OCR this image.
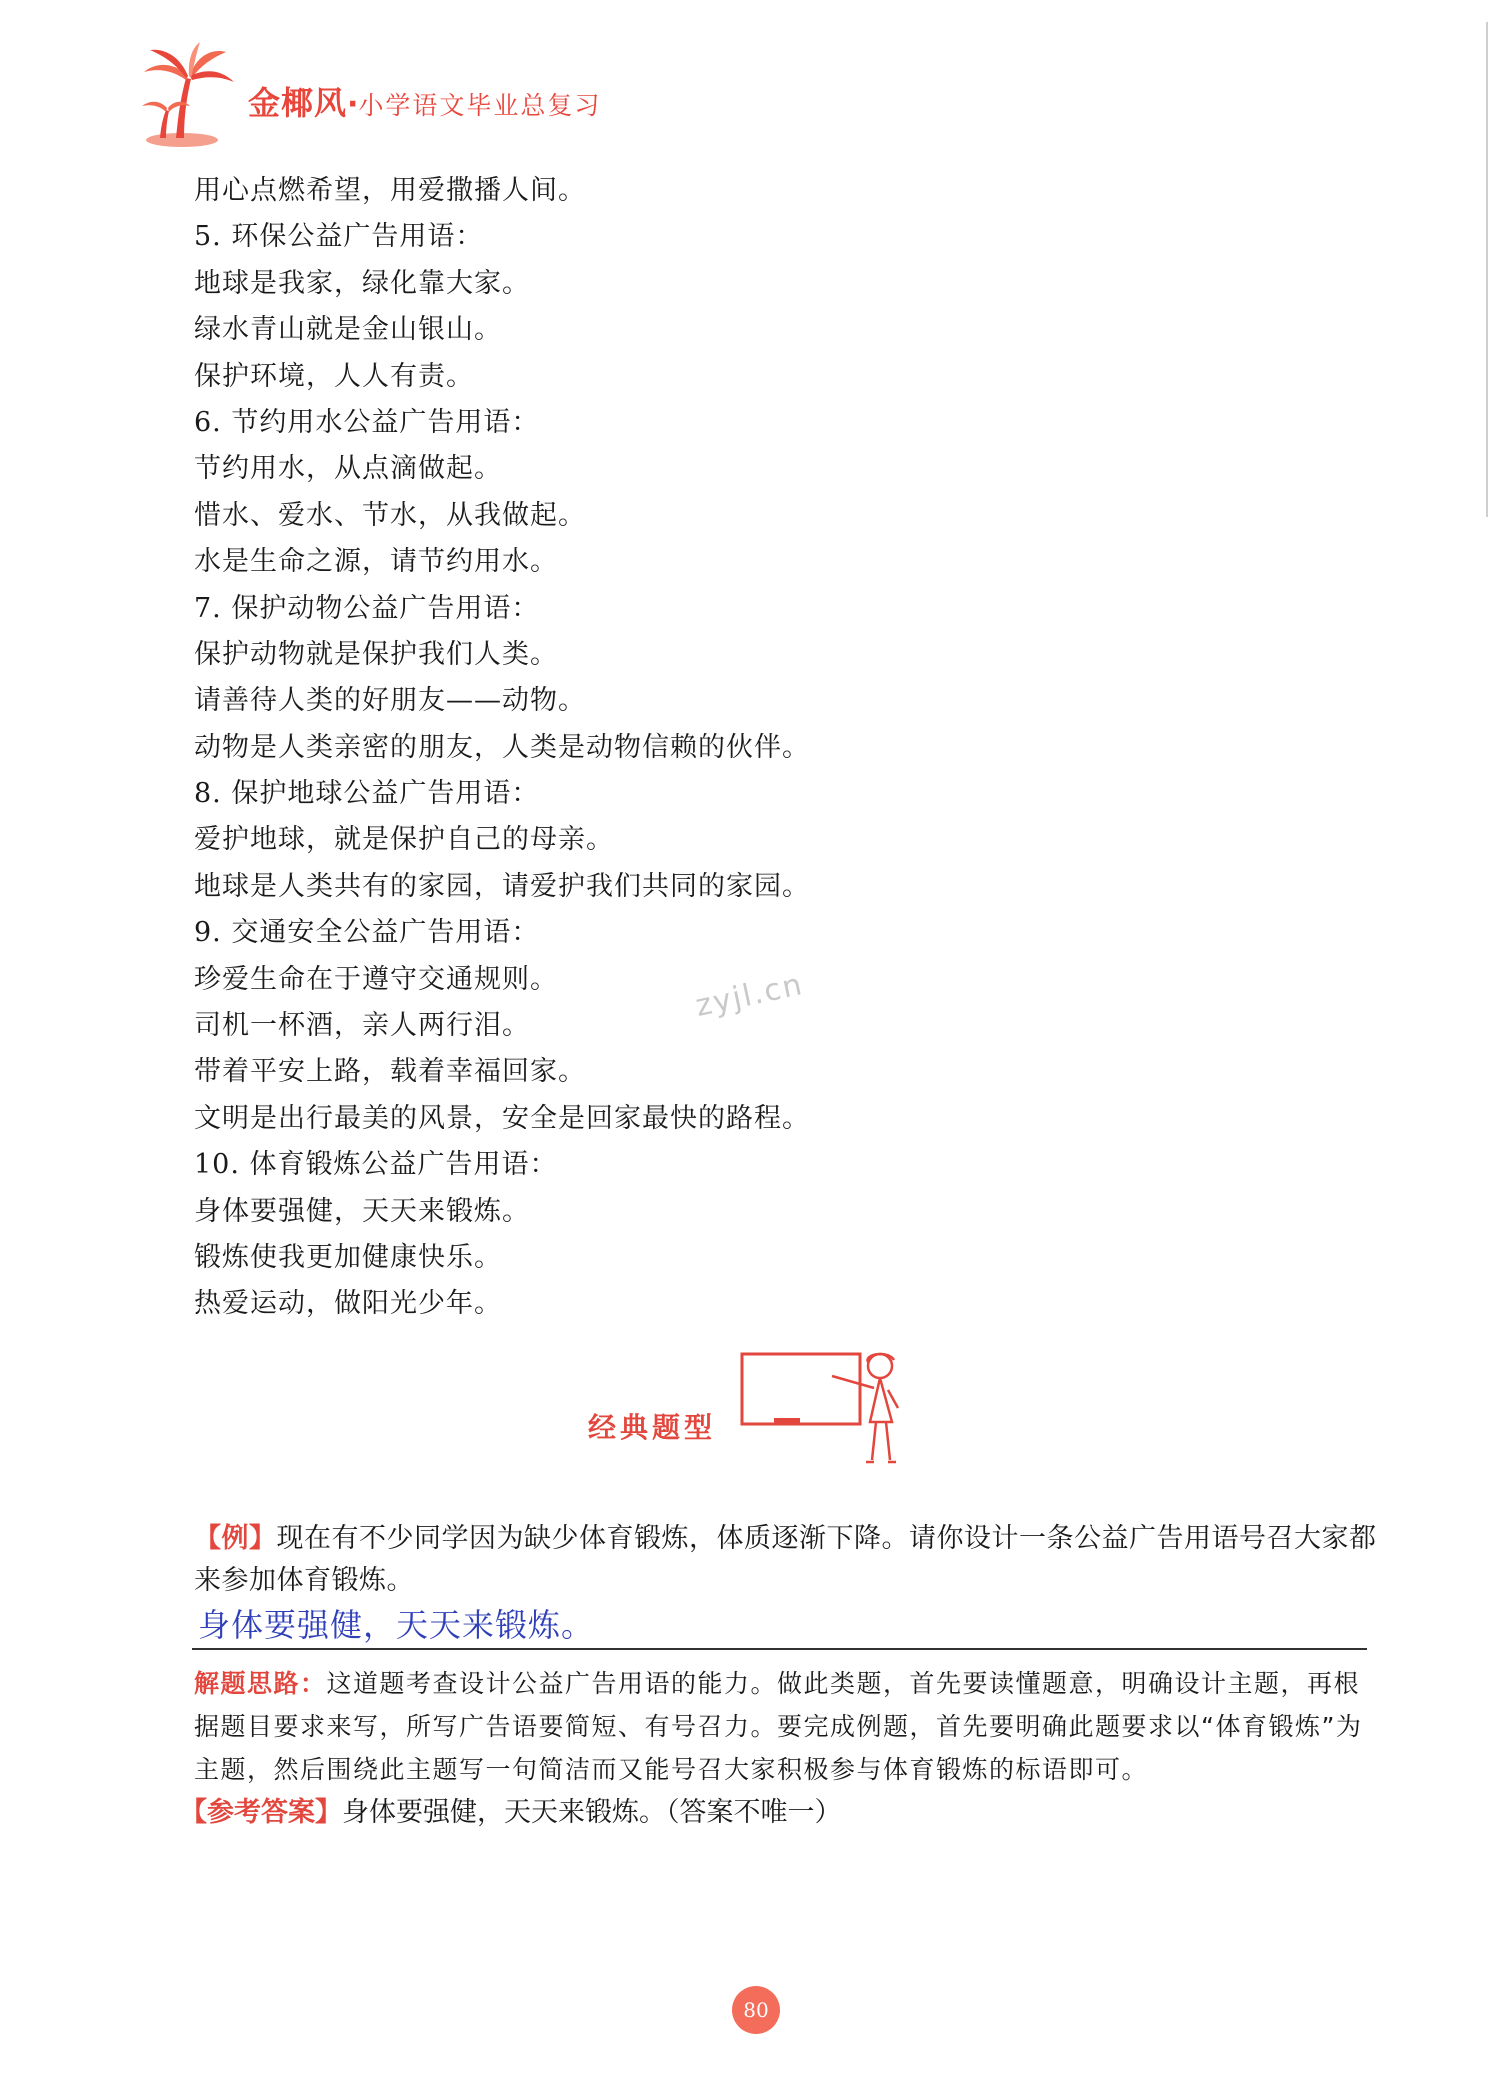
金椰风·小学语文毕业总复习
用心点燃希望，用爱撒播人间。
5. 环保公益广告用语：
地球是我家，绿化靠大家。
绿水青山就是金山银山。
保护环境，人人有责。
6. 节约用水公益广告用语：
节约用水，从点滴做起。
惜水、爱水、节水，从我做起。
水是生命之源，请节约用水。
7. 保护动物公益广告用语：
保护动物就是保护我们人类。
请善待人类的好朋友——动物。
动物是人类亲密的朋友，人类是动物信赖的伙伴。
8. 保护地球公益广告用语：
爱护地球，就是保护自己的母亲。
地球是人类共有的家园，请爱护我们共同的家园。
9. 交通安全公益广告用语：
珍爱生命在于遵守交通规则。
司机一杯酒，亲人两行泪。
带着平安上路，载着幸福回家。
文明是出行最美的风景，安全是回家最快的路程。
10. 体育锻炼公益广告用语：
身体要强健，天天来锻炼。
锻炼使我更加健康快乐。
热爱运动，做阳光少年。
zyjl.cn
经典题型
【例】现在有不少同学因为缺少体育锻炼，体质逐渐下降。请你设计一条公益广告用语号召大家都来参加体育锻炼。
身体要强健，天天来锻炼。
解题思路：这道题考查设计公益广告用语的能力。做此类题，首先要读懂题意，明确设计主题，再根据题目要求来写，所写广告语要简短、有号召力。要完成例题，首先要明确此题要求以“体育锻炼”为主题，然后围绕此主题写一句简洁而又能号召大家积极参与体育锻炼的标语即可。
【参考答案】身体要强健，天天来锻炼。（答案不唯一）
80
